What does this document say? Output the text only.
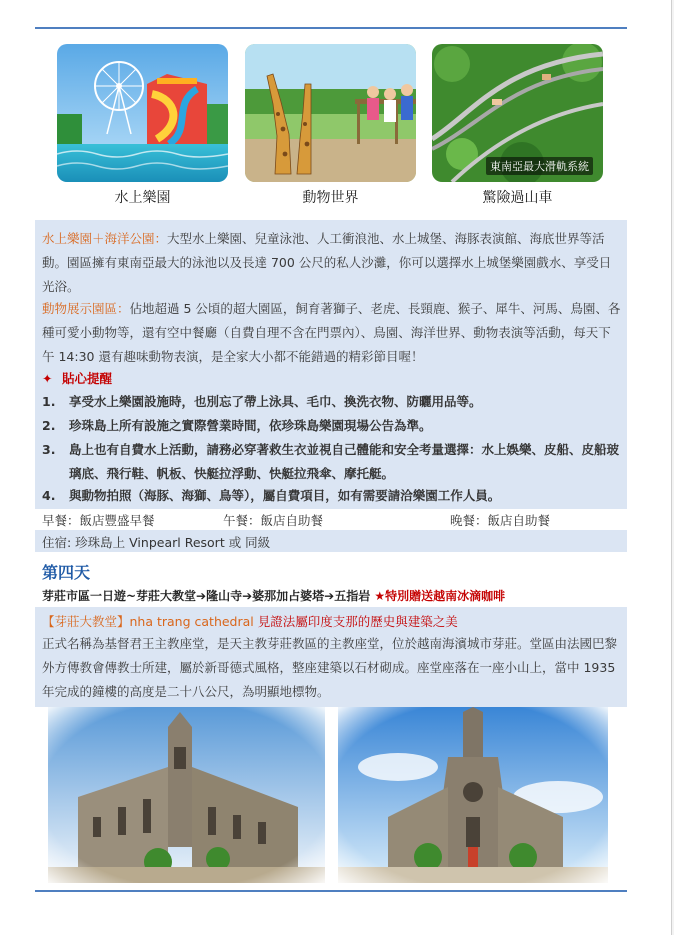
東南亞最大滑軌系統
水上樂園	動物世界	驚險過山車
水上樂園＋海洋公園：大型水上樂園、兒童泳池、人工衝浪池、水上城堡、海豚表演館、海底世界等活動。園區擁有東南亞最大的泳池以及長達 700 公尺的私人沙灘，你可以選擇水上城堡樂園戲水、享受日光浴。
動物展示園區：佔地超過 5 公頃的超大園區，飼育著獅子、老虎、長頸鹿、猴子、犀牛、河馬、鳥園、各種可愛小動物等，還有空中餐廳（自費自理不含在門票內）、鳥園、海洋世界、動物表演等活動，每天下午 14:30 還有趣味動物表演，是全家大小都不能錯過的精彩節目喔！
✦ 貼心提醒
1.	享受水上樂園設施時，也別忘了帶上泳具、毛巾、換洗衣物、防曬用品等。
2.	珍珠島上所有設施之實際營業時間，依珍珠島樂園現場公告為準。
3.	島上也有自費水上活動，請務必穿著救生衣並視自己體能和安全考量選擇：水上娛樂、皮船、皮船玻璃底、飛行鞋、帆板、快艇拉浮動、快艇拉飛傘、摩托艇。
4.	與動物拍照（海豚、海獅、鳥等），屬自費項目，如有需要請洽樂園工作人員。
早餐：飯店豐盛早餐	午餐：飯店自助餐	晚餐：飯店自助餐
住宿: 珍珠島上 Vinpearl Resort 或 同級
第四天
芽莊市區一日遊~芽莊大教堂➔隆山寺➔婆那加占婆塔➔五指岩 ★特別贈送越南冰滴咖啡
【芽莊大教堂】nha trang cathedral 見證法屬印度支那的歷史與建築之美
正式名稱為基督君王主教座堂，是天主教芽莊教區的主教座堂，位於越南海濱城市芽莊。堂區由法國巴黎外方傳教會傳教士所建，屬於新哥德式風格，整座建築以石材砌成。座堂座落在一座小山上，當中 1935 年完成的鐘樓的高度是二十八公尺，為明顯地標物。
